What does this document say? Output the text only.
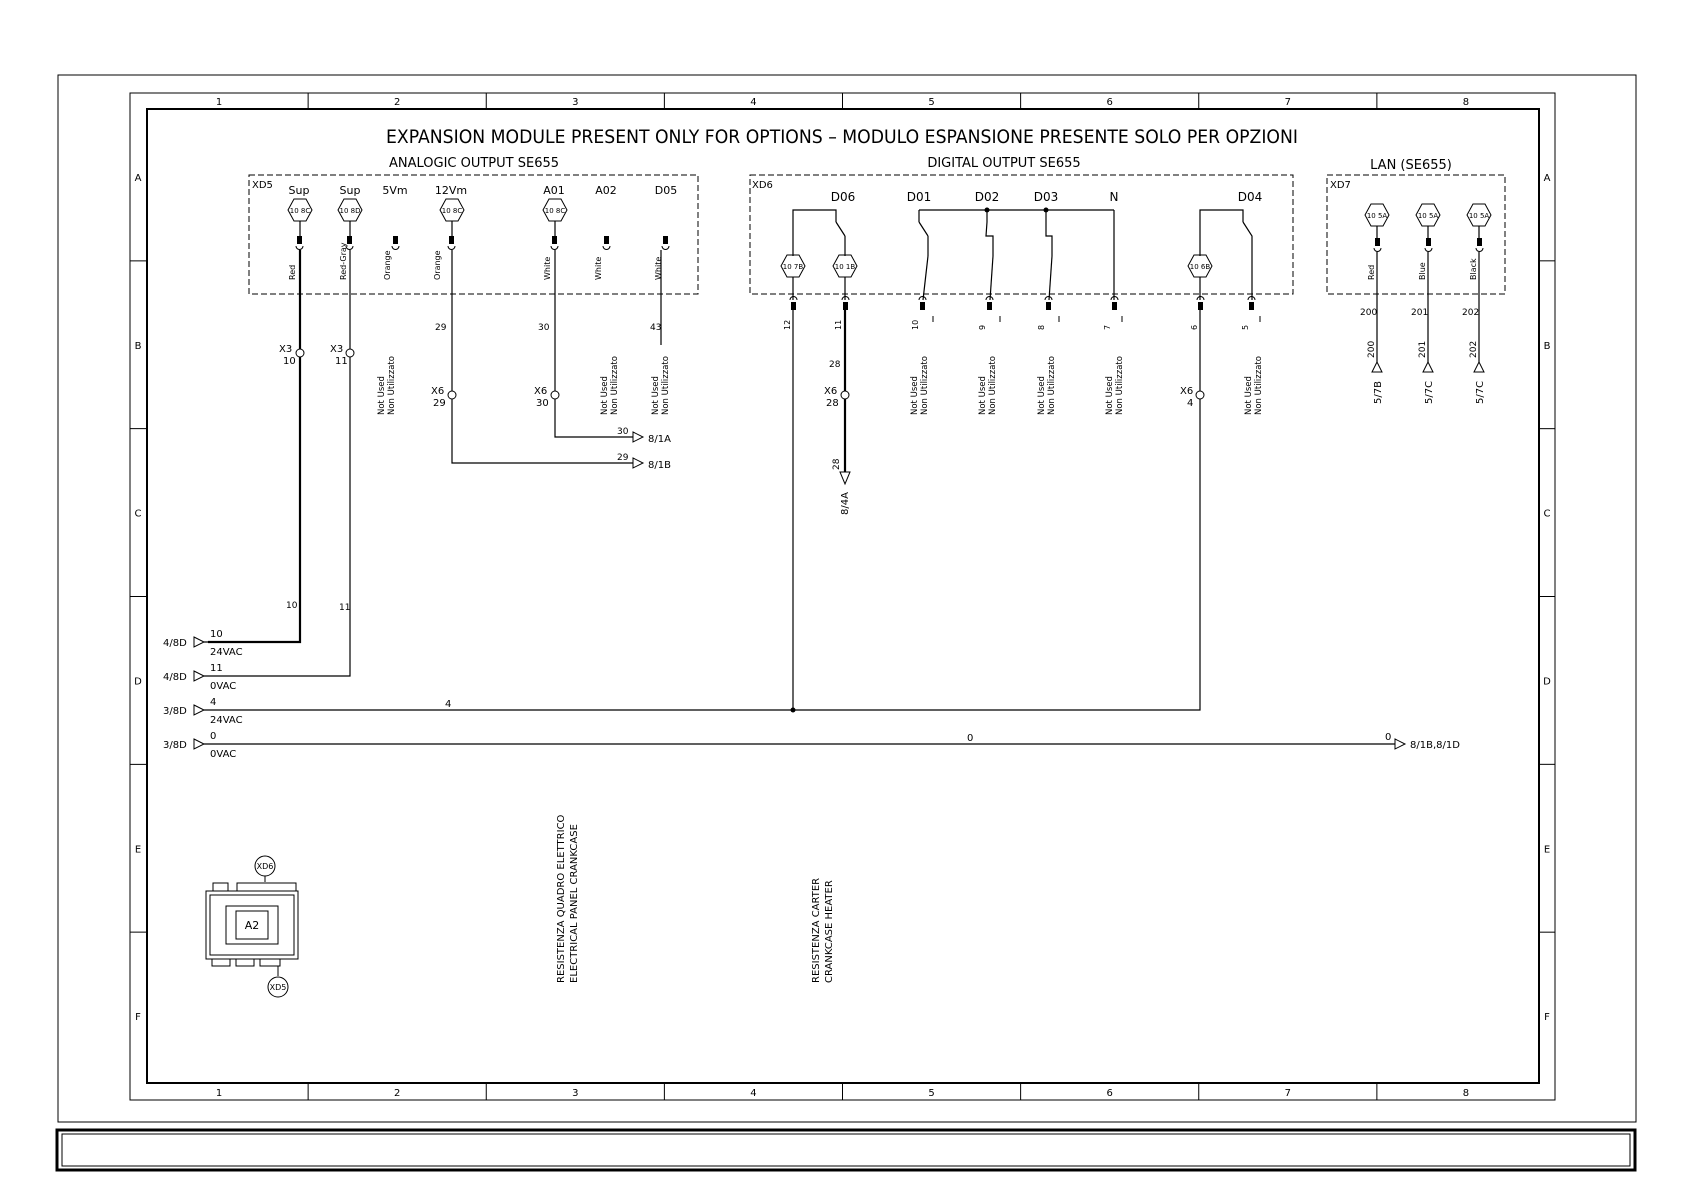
1
1
2
2
3
3
4
4
5
5
6
6
7
7
8
8
A	A
B	B
C	C
D	D
E	E
F	F
EXPANSION MODULE PRESENT ONLY FOR OPTIONS – MODULO ESPANSIONE PRESENTE SOLO PER OPZIONI
ANALOGIC OUTPUT SE655
XD5 Sup	Sup 5Vm 12Vm	A01	A02	D05
10 8C	10 8D	10 8C	10 8C
Red	Red-Gray	Orange	Orange	White	White	White
X3
10
X3
11
X6
29
X6
30
29	30	43
10	11
30
29
8/1A
8/1B
Not Used Non Utilizzato	Not Used Non Utilizzato	Not Used Non Utilizzato	Not Used Non Utilizzato	Not Used Non Utilizzato	Not Used Non Utilizzato	Not Used Non Utilizzato	Not Used Non Utilizzato
DIGITAL OUTPUT SE655
XD6
D06	D01	D02	D03	N	D04
10 7B	10 1B	10 6B
12	11	10	9	8	7	6	5
X6
28
X6
4
28
28
8/4A
LAN (SE655)
XD7
10 5A	10 5A	10 5A
Red	Blue	Black
200	201	202
200	201	202
5/7B	5/7C	5/7C
4/8D
10
24VAC
4/8D
11
0VAC
3/8D
4
24VAC
3/8D
0
0VAC
4
0	0
8/1B,8/1D
XD6
A2
XD5
RESISTENZA QUADRO ELETTRICO ELECTRICAL PANEL CRANKCASE	RESISTENZA CARTER CRANKCASE HEATER
